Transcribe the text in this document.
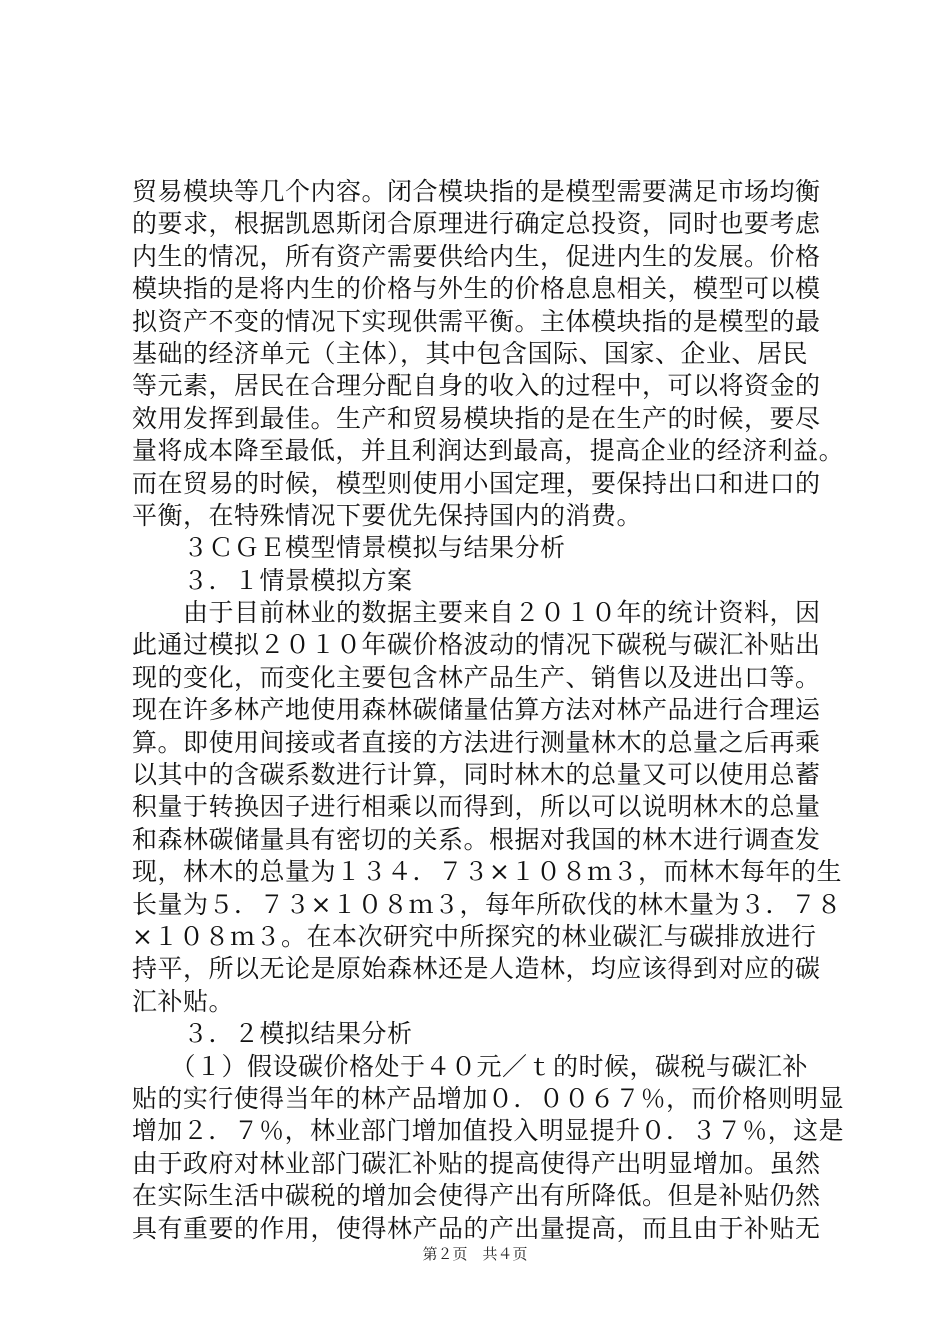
贸易模块等几个内容。闭合模块指的是模型需要满足市场均衡
的要求，根据凯恩斯闭合原理进行确定总投资，同时也要考虑
内生的情况，所有资产需要供给内生，促进内生的发展。价格
模块指的是将内生的价格与外生的价格息息相关，模型可以模
拟资产不变的情况下实现供需平衡。主体模块指的是模型的最
基础的经济单元（主体），其中包含国际、国家、企业、居民
等元素，居民在合理分配自身的收入的过程中，可以将资金的
效用发挥到最佳。生产和贸易模块指的是在生产的时候，要尽
量将成本降至最低，并且利润达到最高，提高企业的经济利益。
而在贸易的时候，模型则使用小国定理，要保持出口和进口的
平衡，在特殊情况下要优先保持国内的消费。
　　３ＣＧＥ模型情景模拟与结果分析
　　３．１情景模拟方案
　　由于目前林业的数据主要来自２０１０年的统计资料，因
此通过模拟２０１０年碳价格波动的情况下碳税与碳汇补贴出
现的变化，而变化主要包含林产品生产、销售以及进出口等。
现在许多林产地使用森林碳储量估算方法对林产品进行合理运
算。即使用间接或者直接的方法进行测量林木的总量之后再乘
以其中的含碳系数进行计算，同时林木的总量又可以使用总蓄
积量于转换因子进行相乘以而得到，所以可以说明林木的总量
和森林碳储量具有密切的关系。根据对我国的林木进行调查发
现，林木的总量为１３４．７３×１０８ｍ３，而林木每年的生
长量为５．７３×１０８ｍ３，每年所砍伐的林木量为３．７８
×１０８ｍ３。在本次研究中所探究的林业碳汇与碳排放进行
持平，所以无论是原始森林还是人造林，均应该得到对应的碳
汇补贴。
　　３．２模拟结果分析
　　（１）假设碳价格处于４０元／ｔ的时候，碳税与碳汇补
贴的实行使得当年的林产品增加０．００６７％，而价格则明显
增加２．７％，林业部门增加值投入明显提升０．３７％，这是
由于政府对林业部门碳汇补贴的提高使得产出明显增加。虽然
在实际生活中碳税的增加会使得产出有所降低。但是补贴仍然
具有重要的作用，使得林产品的产出量提高，而且由于补贴无
第２页　共４页
